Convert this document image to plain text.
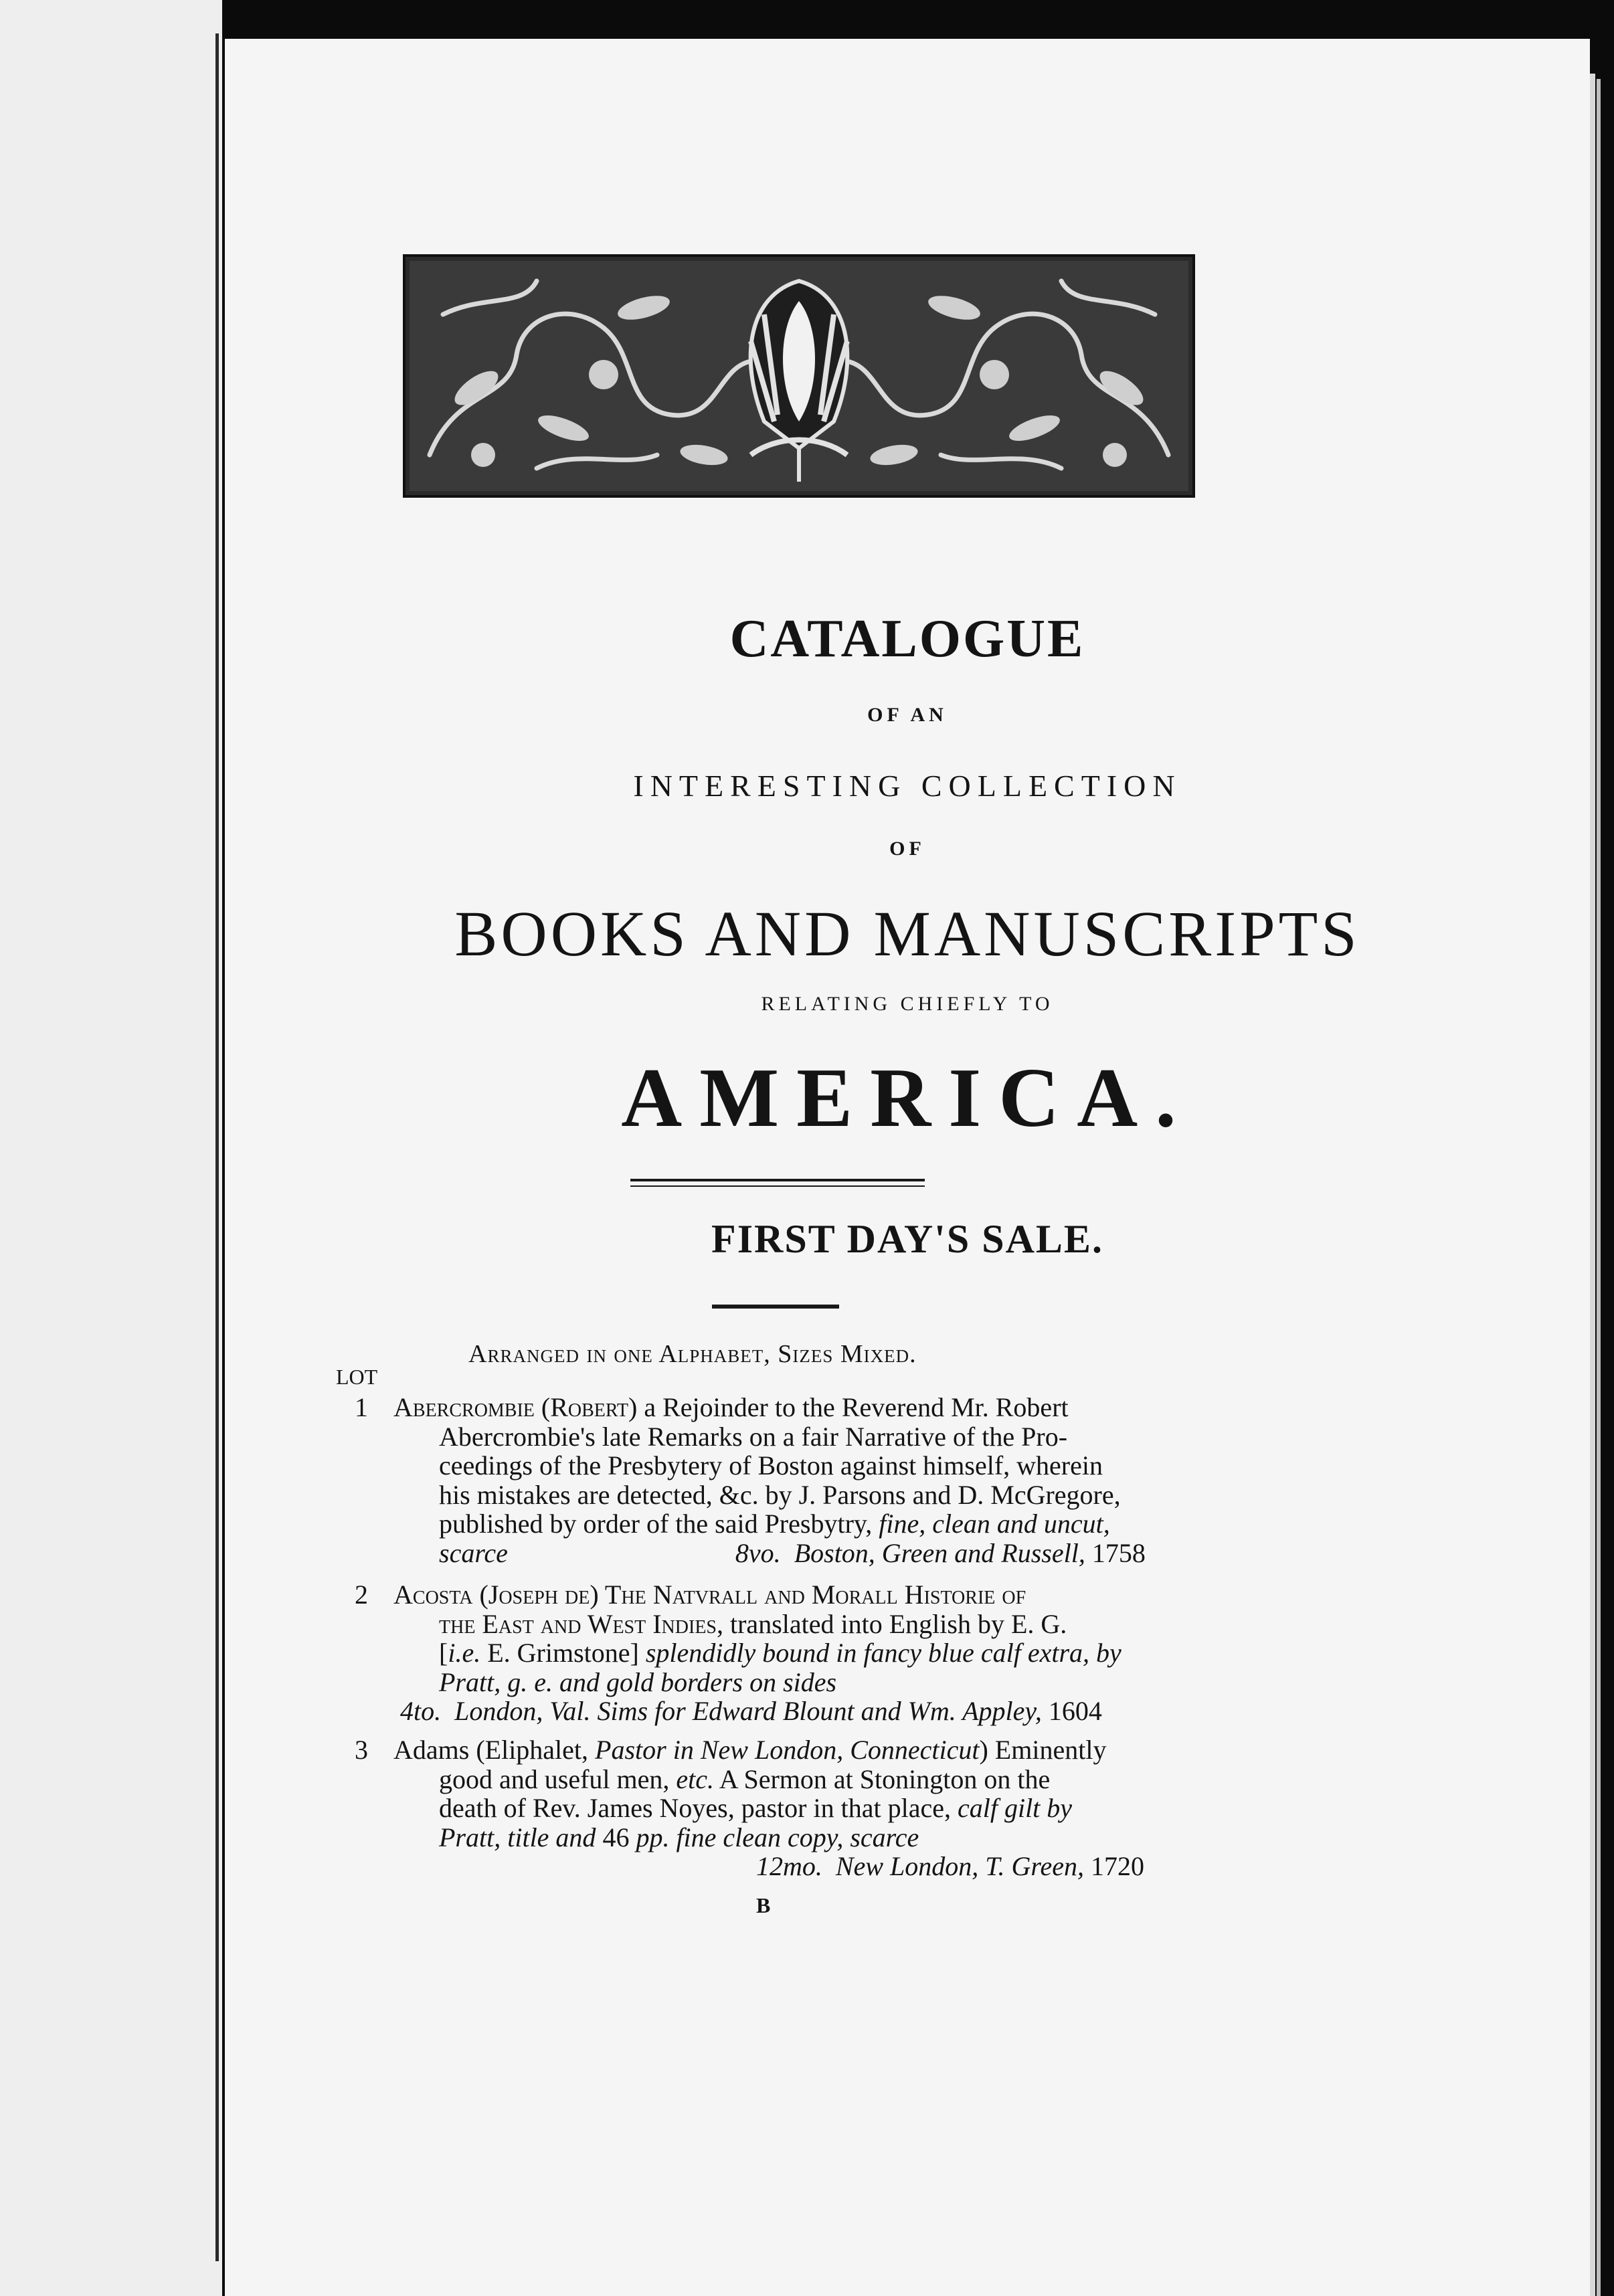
CATALOGUE
OF AN
INTERESTING COLLECTION
OF
BOOKS AND MANUSCRIPTS
RELATING CHIEFLY TO
AMERICA.
FIRST DAY'S SALE.
Arranged in one Alphabet, Sizes Mixed.
LOT
1 Abercrombie (Robert) a Rejoinder to the Reverend Mr. Robert
Abercrombie's late Remarks on a fair Narrative of the Pro-
ceedings of the Presbytery of Boston against himself, wherein
his mistakes are detected, &c. by J. Parsons and D. McGregore,
published by order of the said Presbytry, fine, clean and uncut,
scarce	8vo. Boston, Green and Russell, 1758
2 Acosta (Joseph de) The Natvrall and Morall Historie of
the East and West Indies, translated into English by E. G.
[i.e. E. Grimstone] splendidly bound in fancy blue calf extra, by
Pratt, g. e. and gold borders on sides
4to. London, Val. Sims for Edward Blount and Wm. Appley, 1604
3 Adams (Eliphalet, Pastor in New London, Connecticut) Eminently
good and useful men, etc. A Sermon at Stonington on the
death of Rev. James Noyes, pastor in that place, calf gilt by
Pratt, title and 46 pp. fine clean copy, scarce
12mo. New London, T. Green, 1720
B
